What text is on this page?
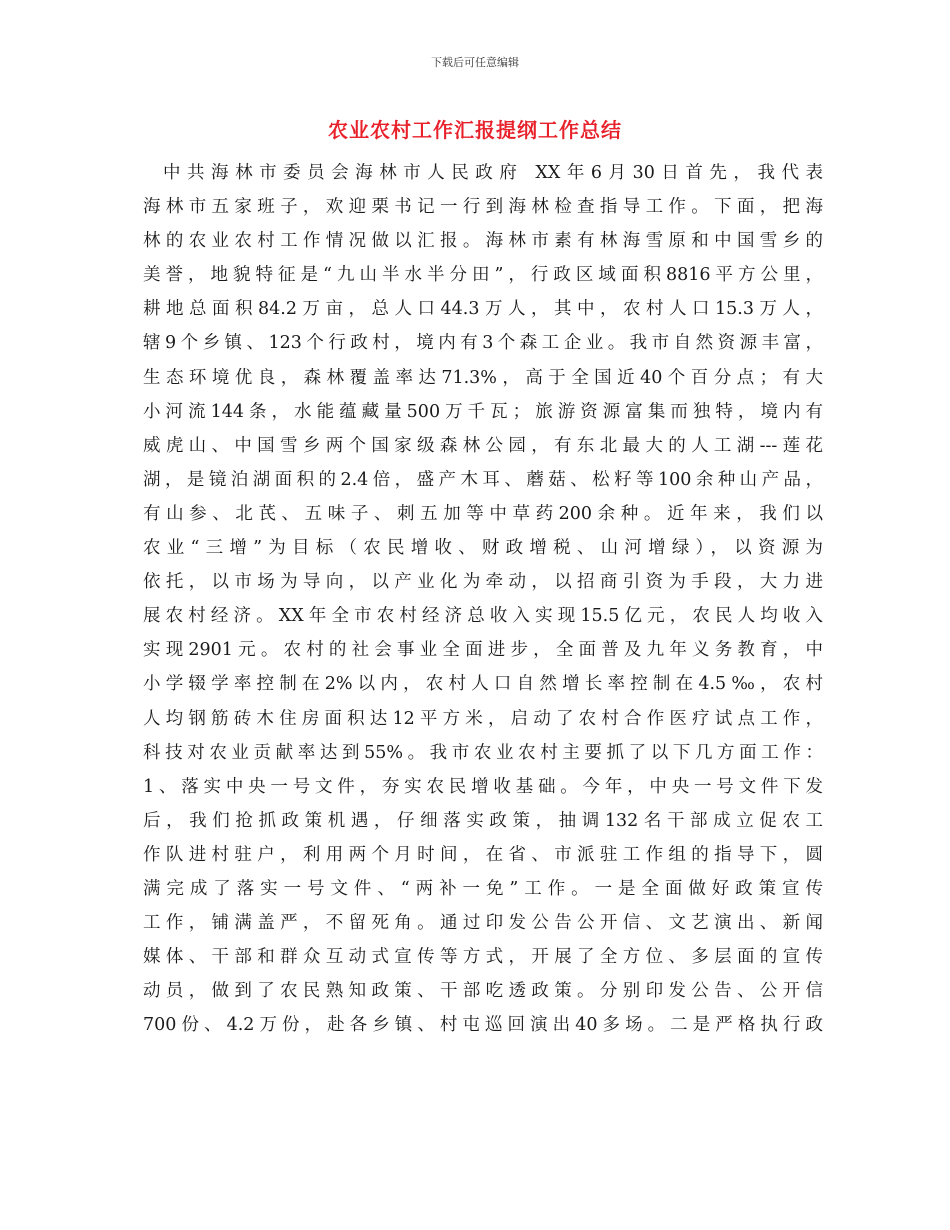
下载后可任意编辑
农业农村工作汇报提纲工作总结
中共海林市委员会海林市人民政府 XX年6月30日首先，我代表
海林市五家班子，欢迎栗书记一行到海林检查指导工作。下面，把海
林的农业农村工作情况做以汇报。海林市素有林海雪原和中国雪乡的
美誉，地貌特征是“九山半水半分田”，行政区域面积8816平方公里，
耕地总面积84.2万亩，总人口44.3万人，其中，农村人口15.3万人，
辖9个乡镇、123个行政村，境内有3个森工企业。我市自然资源丰富，
生态环境优良，森林覆盖率达71.3%，高于全国近40个百分点；有大
小河流144条，水能蕴藏量500万千瓦；旅游资源富集而独特，境内有
威虎山、中国雪乡两个国家级森林公园，有东北最大的人工湖---莲花
湖，是镜泊湖面积的2.4倍，盛产木耳、蘑菇、松籽等100余种山产品，
有山参、北芪、五味子、刺五加等中草药200余种。近年来，我们以
农业“三增”为目标（农民增收、财政增税、山河增绿），以资源为
依托，以市场为导向，以产业化为牵动，以招商引资为手段，大力进
展农村经济。XX年全市农村经济总收入实现15.5亿元，农民人均收入
实现2901元。农村的社会事业全面进步，全面普及九年义务教育，中
小学辍学率控制在2%以内，农村人口自然增长率控制在4.5‰，农村
人均钢筋砖木住房面积达12平方米，启动了农村合作医疗试点工作，
科技对农业贡献率达到55%。我市农业农村主要抓了以下几方面工作：
1、落实中央一号文件，夯实农民增收基础。今年，中央一号文件下发
后，我们抢抓政策机遇，仔细落实政策，抽调132名干部成立促农工
作队进村驻户，利用两个月时间，在省、市派驻工作组的指导下，圆
满完成了落实一号文件、“两补一免”工作。一是全面做好政策宣传
工作，铺满盖严，不留死角。通过印发公告公开信、文艺演出、新闻
媒体、干部和群众互动式宣传等方式，开展了全方位、多层面的宣传
动员，做到了农民熟知政策、干部吃透政策。分别印发公告、公开信
700份、4.2万份，赴各乡镇、村屯巡回演出40多场。二是严格执行政
